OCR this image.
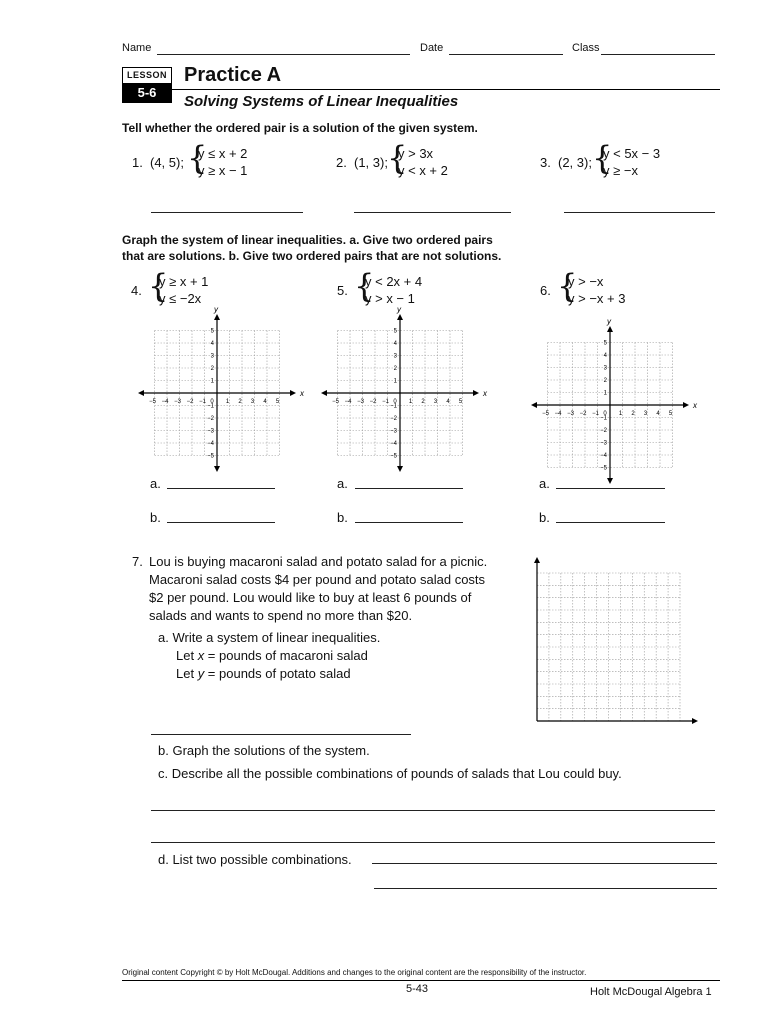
Name	Date	Class
LESSON
5-6
Practice A
Solving Systems of Linear Inequalities
Tell whether the ordered pair is a solution of the given system.
1. (4, 5); {
y ≤ x + 2
y ≥ x − 1
2. (1, 3); {
y > 3x
y < x + 2
3. (2, 3); {
y < 5x − 3
y ≥ −x
Graph the system of linear inequalities. a. Give two ordered pairs
that are solutions. b. Give two ordered pairs that are not solutions.
4. {
y ≥ x + 1
y ≤ −2x
5. {
y < 2x + 4
y > x − 1
6. {
y > −x
y > −x + 3
x
y
−5 −4 −3 −2 −1 0 1 2 3 4 5
5
4
3
2
1
−1
−2
−3
−4
−5
x
y
−5 −4 −3 −2 −1 0 1 2 3 4 5
5
4
3
2
1
−1
−2
−3
−4
−5
x
y
−5 −4 −3 −2 −1 0 1 2 3 4 5
5
4
3
2
1
−1
−2
−3
−4
−5
a.
b.
a.
b.
a.
b.
7. Lou is buying macaroni salad and potato salad for a picnic.
Macaroni salad costs $4 per pound and potato salad costs
$2 per pound. Lou would like to buy at least 6 pounds of
salads and wants to spend no more than $20.
a. Write a system of linear inequalities.
Let x = pounds of macaroni salad
Let y = pounds of potato salad
b. Graph the solutions of the system.
c. Describe all the possible combinations of pounds of salads that Lou could buy.
d. List two possible combinations.
Original content Copyright © by Holt McDougal. Additions and changes to the original content are the responsibility of the instructor.
5-43	Holt McDougal Algebra 1
